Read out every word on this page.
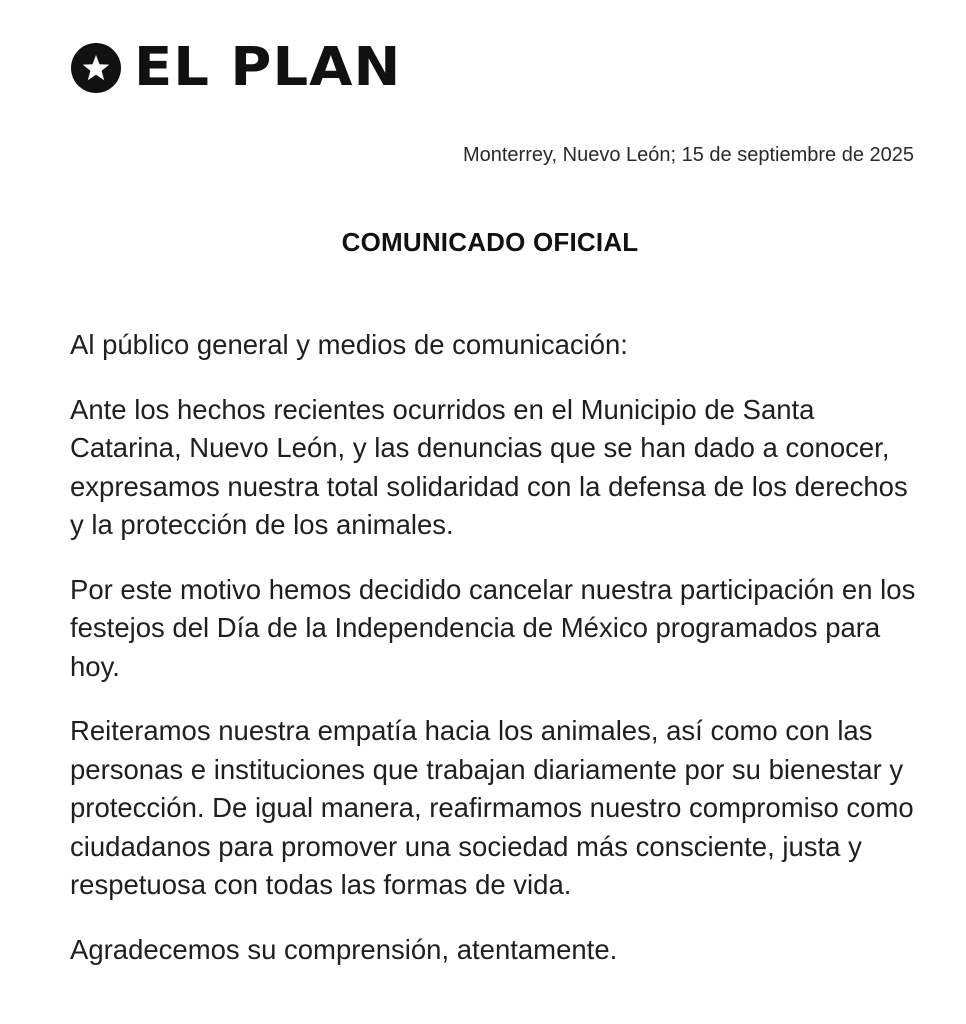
EL PLAN
Monterrey, Nuevo León; 15 de septiembre de 2025
COMUNICADO OFICIAL

Al público general y medios de comunicación:

Ante los hechos recientes ocurridos en el Municipio de Santa Catarina, Nuevo León, y las denuncias que se han dado a conocer, expresamos nuestra total solidaridad con la defensa de los derechos y la protección de los animales.

Por este motivo hemos decidido cancelar nuestra participación en los festejos del Día de la Independencia de México programados para hoy.

Reiteramos nuestra empatía hacia los animales, así como con las personas e instituciones que trabajan diariamente por su bienestar y protección. De igual manera, reafirmamos nuestro compromiso como ciudadanos para promover una sociedad más consciente, justa y respetuosa con todas las formas de vida.

Agradecemos su comprensión, atentamente.
